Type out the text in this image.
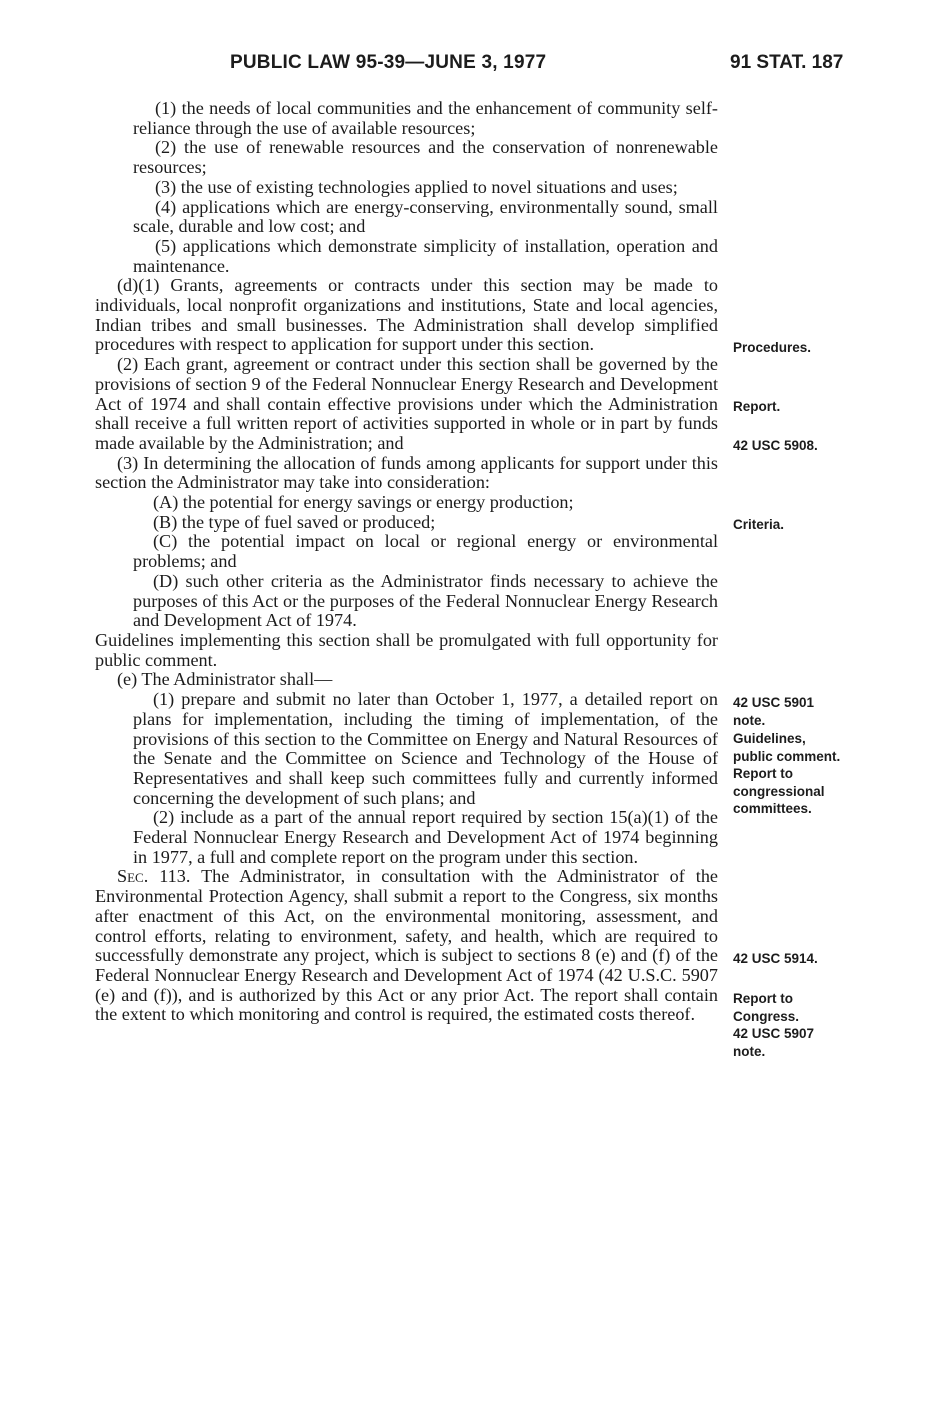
PUBLIC LAW 95-39—JUNE 3, 1977	91 STAT. 187

(1) the needs of local communities and the enhancement of community self-reliance through the use of available resources;

(2) the use of renewable resources and the conservation of nonrenewable resources;

(3) the use of existing technologies applied to novel situations and uses;

(4) applications which are energy-conserving, environmentally sound, small scale, durable and low cost; and

(5) applications which demonstrate simplicity of installation, operation and maintenance.

(d)(1) Grants, agreements or contracts under this section may be made to individuals, local nonprofit organizations and institutions, State and local agencies, Indian tribes and small businesses. The Administration shall develop simplified procedures with respect to application for support under this section.

(2) Each grant, agreement or contract under this section shall be governed by the provisions of section 9 of the Federal Nonnuclear Energy Research and Development Act of 1974 and shall contain effective provisions under which the Administration shall receive a full written report of activities supported in whole or in part by funds made available by the Administration; and

(3) In determining the allocation of funds among applicants for support under this section the Administrator may take into consideration:

(A) the potential for energy savings or energy production;

(B) the type of fuel saved or produced;

(C) the potential impact on local or regional energy or environmental problems; and

(D) such other criteria as the Administrator finds necessary to achieve the purposes of this Act or the purposes of the Federal Nonnuclear Energy Research and Development Act of 1974.

Guidelines implementing this section shall be promulgated with full opportunity for public comment.

(e) The Administrator shall—

(1) prepare and submit no later than October 1, 1977, a detailed report on plans for implementation, including the timing of implementation, of the provisions of this section to the Committee on Energy and Natural Resources of the Senate and the Committee on Science and Technology of the House of Representatives and shall keep such committees fully and currently informed concerning the development of such plans; and

(2) include as a part of the annual report required by section 15(a)(1) of the Federal Nonnuclear Energy Research and Development Act of 1974 beginning in 1977, a full and complete report on the program under this section.

Sec. 113. The Administrator, in consultation with the Administrator of the Environmental Protection Agency, shall submit a report to the Congress, six months after enactment of this Act, on the environmental monitoring, assessment, and control efforts, relating to environment, safety, and health, which are required to successfully demonstrate any project, which is subject to sections 8 (e) and (f) of the Federal Nonnuclear Energy Research and Development Act of 1974 (42 U.S.C. 5907 (e) and (f)), and is authorized by this Act or any prior Act. The report shall contain the extent to which monitoring and control is required, the estimated costs thereof.

Procedures.
Report.
42 USC 5908.
Criteria.
42 USC 5901
note.
Guidelines,
public comment.
Report to
congressional
committees.
42 USC 5914.
Report to
Congress.
42 USC 5907
note.
